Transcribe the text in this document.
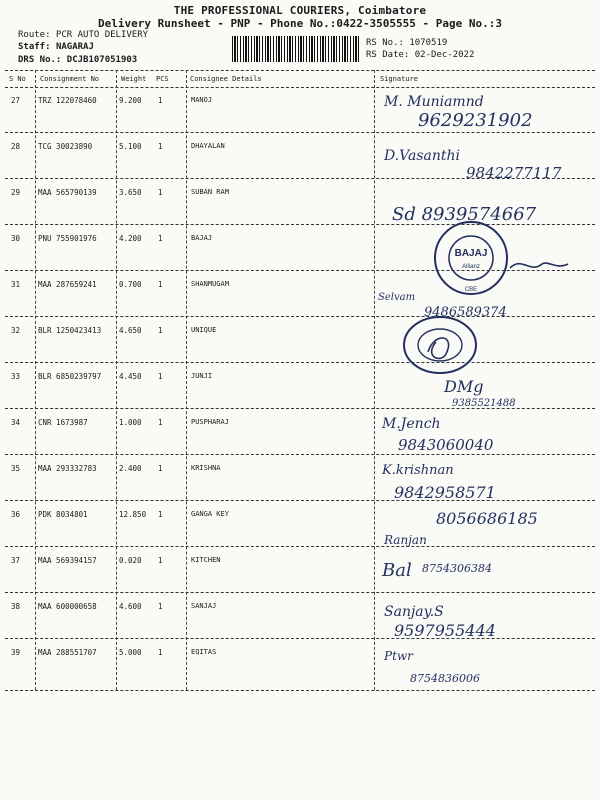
THE PROFESSIONAL COURIERS, Coimbatore
Delivery Runsheet - PNP - Phone No.:0422-3505555 - Page No.:3
Route: PCR AUTO DELIVERY
Staff: NAGARAJ
DRS No.: DCJB107051903
RS No.: 1070519
RS Date: 02-Dec-2022
S No Consignment No	Weight PCS	Consignee Details	Signature
27 TRZ 122078460	9.200 1	MANOJ	M. Muniamnd
9629231902
28 TCG 30023890	5.100 1	DHAYALAN
D.Vasanthi
9842277117
29 MAA 565790139	3.650 1	SUBAN RAM
Sd 8939574667
30 PNU 755901976	4.200 1	BAJAJ
31 MAA 287659241	0.700 1	SHANMUGAM
Selvam
9486589374
32 BLR 1250423413 4.650 1	UNIQUE
33 BLR 6850239797 4.450 1	JUNJI
DMg
9385521488
34 CNR 1673987	1.000 1	PUSPHARAJ	M.Jench
9843060040
35 MAA 293332783	2.400 1	KRISHNA	K.krishnan
9842958571
36 PDK 8034801	12.850 1	GANGA KEY	8056686185
Ranjan
37 MAA 569394157	0.020 1	KITCHEN	Bal 8754306384
38 MAA 600000658	4.600 1	SANJAJ	Sanjay.S
9597955444
39 MAA 288551707	5.000 1	EQITAS	Ptwr
8754836006
BAJAJ
Allianz
CBE
